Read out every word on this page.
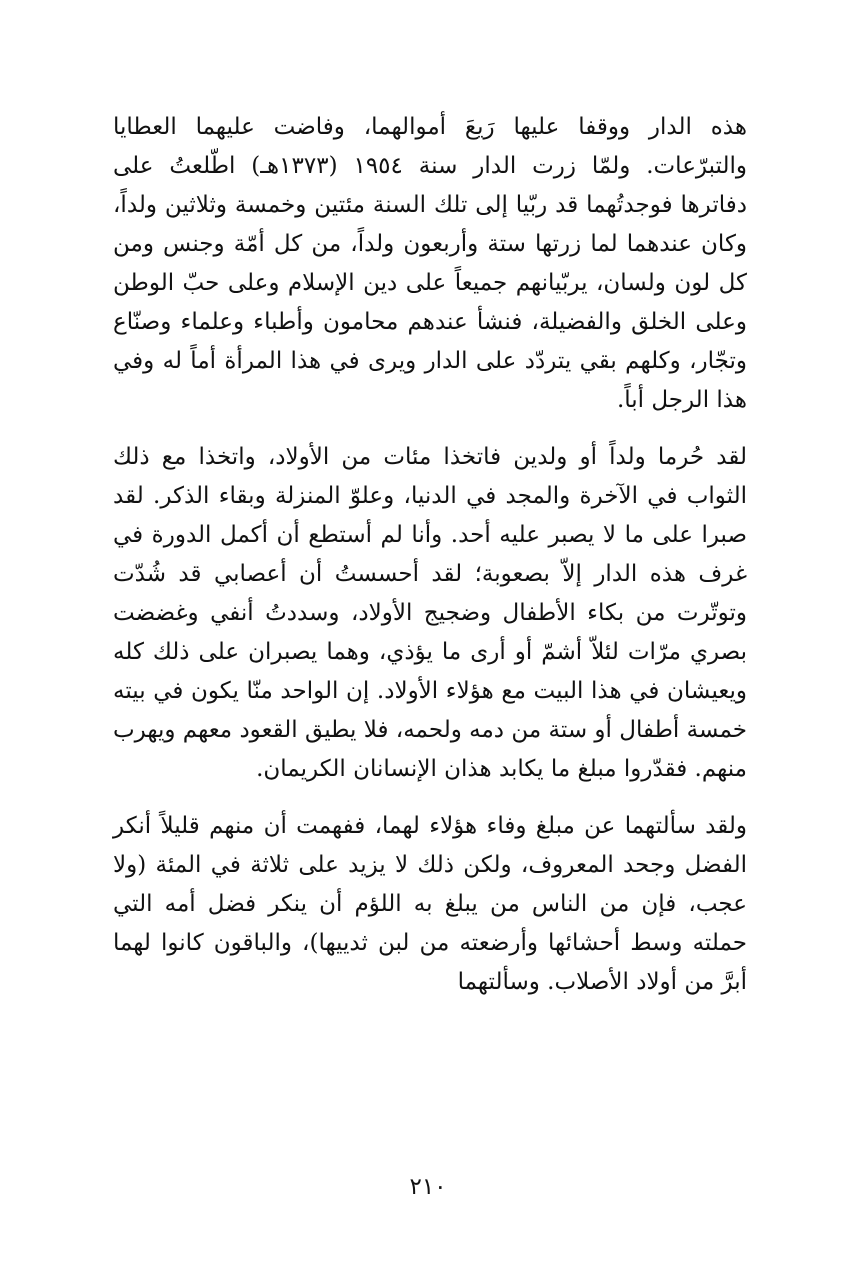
هذه الدار ووقفا عليها رَيعَ أموالهما، وفاضت عليهما العطايا والتبرّعات. ولمّا زرت الدار سنة ١٩٥٤ (١٣٧٣هـ) اطّلعتُ على دفاترها فوجدتُهما قد ربّيا إلى تلك السنة مئتين وخمسة وثلاثين ولداً، وكان عندهما لما زرتها ستة وأربعون ولداً، من كل أمّة وجنس ومن كل لون ولسان، يربّيانهم جميعاً على دين الإسلام وعلى حبّ الوطن وعلى الخلق والفضيلة، فنشأ عندهم محامون وأطباء وعلماء وصنّاع وتجّار، وكلهم بقي يتردّد على الدار ويرى في هذا المرأة أماً له وفي هذا الرجل أباً.

لقد حُرما ولداً أو ولدين فاتخذا مئات من الأولاد، واتخذا مع ذلك الثواب في الآخرة والمجد في الدنيا، وعلوّ المنزلة وبقاء الذكر. لقد صبرا على ما لا يصبر عليه أحد. وأنا لم أستطع أن أكمل الدورة في غرف هذه الدار إلاّ بصعوبة؛ لقد أحسستُ أن أعصابي قد شُدّت وتوتّرت من بكاء الأطفال وضجيج الأولاد، وسددتُ أنفي وغضضت بصري مرّات لئلاّ أشمّ أو أرى ما يؤذي، وهما يصبران على ذلك كله ويعيشان في هذا البيت مع هؤلاء الأولاد. إن الواحد منّا يكون في بيته خمسة أطفال أو ستة من دمه ولحمه، فلا يطيق القعود معهم ويهرب منهم. فقدّروا مبلغ ما يكابد هذان الإنسانان الكريمان.

ولقد سألتهما عن مبلغ وفاء هؤلاء لهما، ففهمت أن منهم قليلاً أنكر الفضل وجحد المعروف، ولكن ذلك لا يزيد على ثلاثة في المئة (ولا عجب، فإن من الناس من يبلغ به اللؤم أن ينكر فضل أمه التي حملته وسط أحشائها وأرضعته من لبن ثدييها)، والباقون كانوا لهما أبرَّ من أولاد الأصلاب. وسألتهما

٢١٠
